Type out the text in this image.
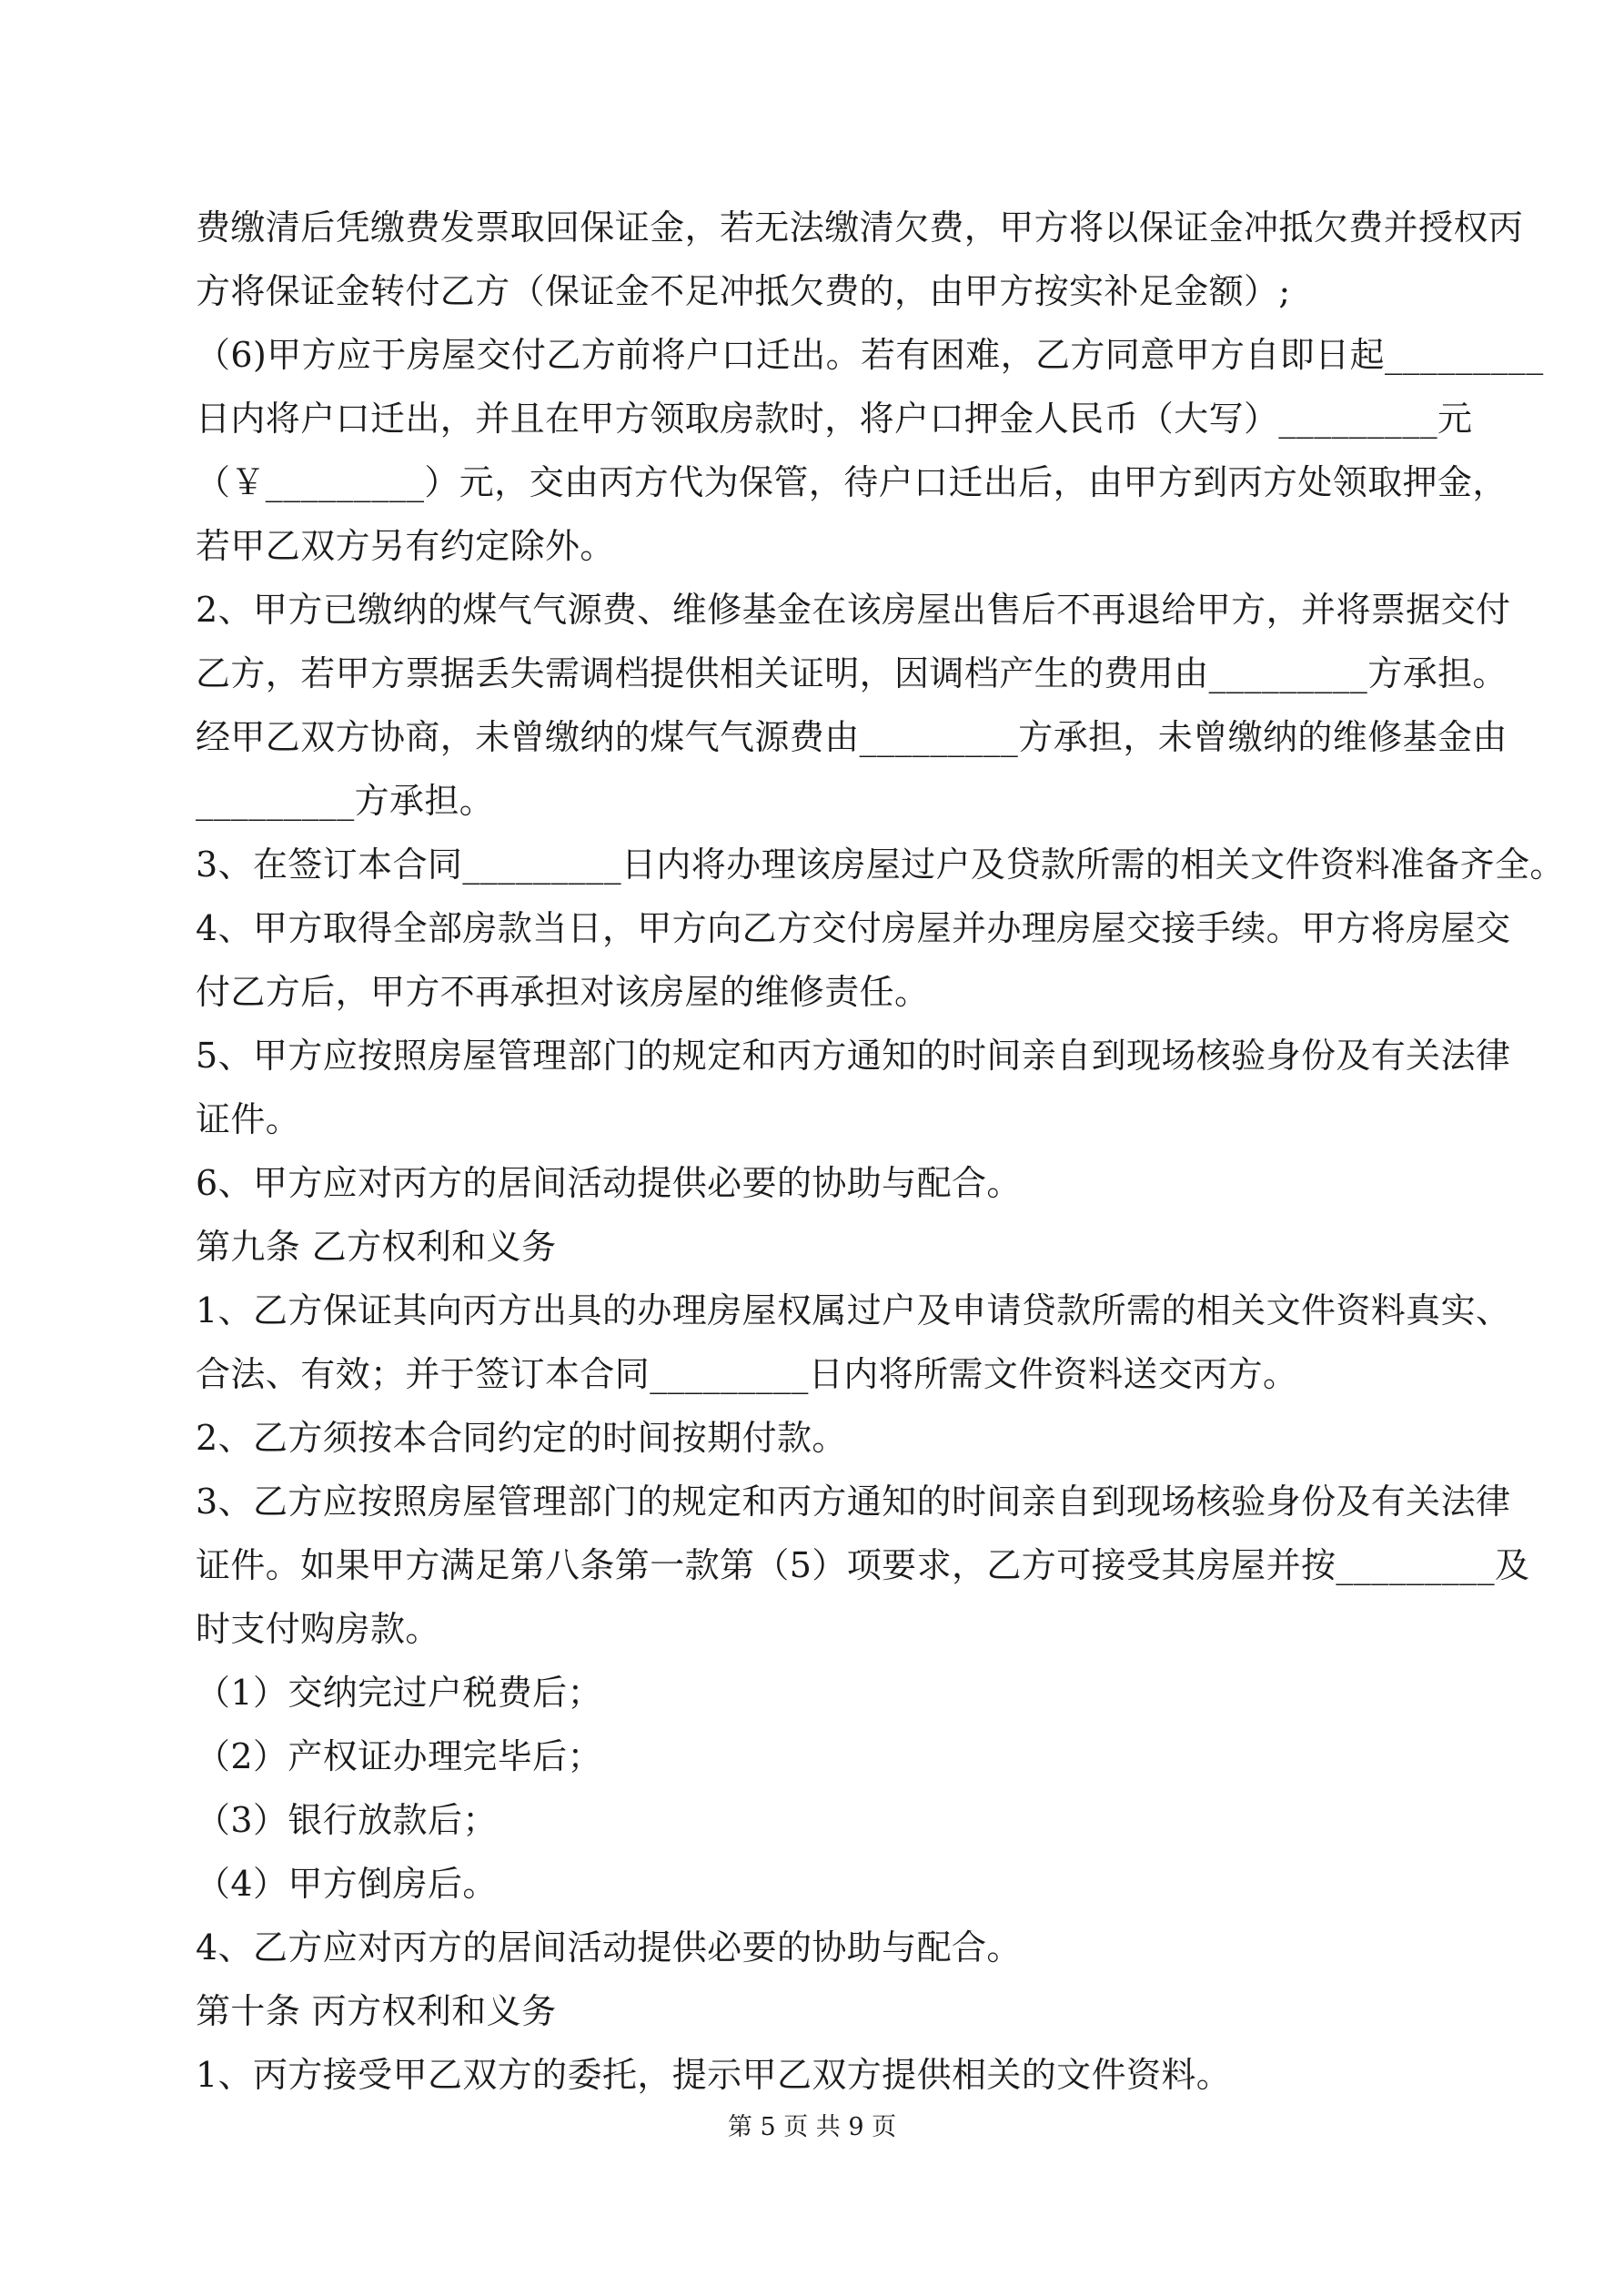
费缴清后凭缴费发票取回保证金，若无法缴清欠费，甲方将以保证金冲抵欠费并授权丙
方将保证金转付乙方（保证金不足冲抵欠费的，由甲方按实补足金额）;
（6)甲方应于房屋交付乙方前将户口迁出。若有困难，乙方同意甲方自即日起_________
日内将户口迁出，并且在甲方领取房款时，将户口押金人民币（大写）_________元
（￥_________）元，交由丙方代为保管，待户口迁出后，由甲方到丙方处领取押金，
若甲乙双方另有约定除外。
2、甲方已缴纳的煤气气源费、维修基金在该房屋出售后不再退给甲方，并将票据交付
乙方，若甲方票据丢失需调档提供相关证明，因调档产生的费用由_________方承担。
经甲乙双方协商，未曾缴纳的煤气气源费由_________方承担，未曾缴纳的维修基金由
_________方承担。
3、在签订本合同_________日内将办理该房屋过户及贷款所需的相关文件资料准备齐全。
4、甲方取得全部房款当日，甲方向乙方交付房屋并办理房屋交接手续。甲方将房屋交
付乙方后，甲方不再承担对该房屋的维修责任。
5、甲方应按照房屋管理部门的规定和丙方通知的时间亲自到现场核验身份及有关法律
证件。
6、甲方应对丙方的居间活动提供必要的协助与配合。
第九条 乙方权利和义务
1、乙方保证其向丙方出具的办理房屋权属过户及申请贷款所需的相关文件资料真实、
合法、有效；并于签订本合同_________日内将所需文件资料送交丙方。
2、乙方须按本合同约定的时间按期付款。
3、乙方应按照房屋管理部门的规定和丙方通知的时间亲自到现场核验身份及有关法律
证件。如果甲方满足第八条第一款第（5）项要求，乙方可接受其房屋并按_________及
时支付购房款。
（1）交纳完过户税费后；
（2）产权证办理完毕后；
（3）银行放款后；
（4）甲方倒房后。
4、乙方应对丙方的居间活动提供必要的协助与配合。
第十条 丙方权利和义务
1、丙方接受甲乙双方的委托，提示甲乙双方提供相关的文件资料。
第 5 页 共 9 页
